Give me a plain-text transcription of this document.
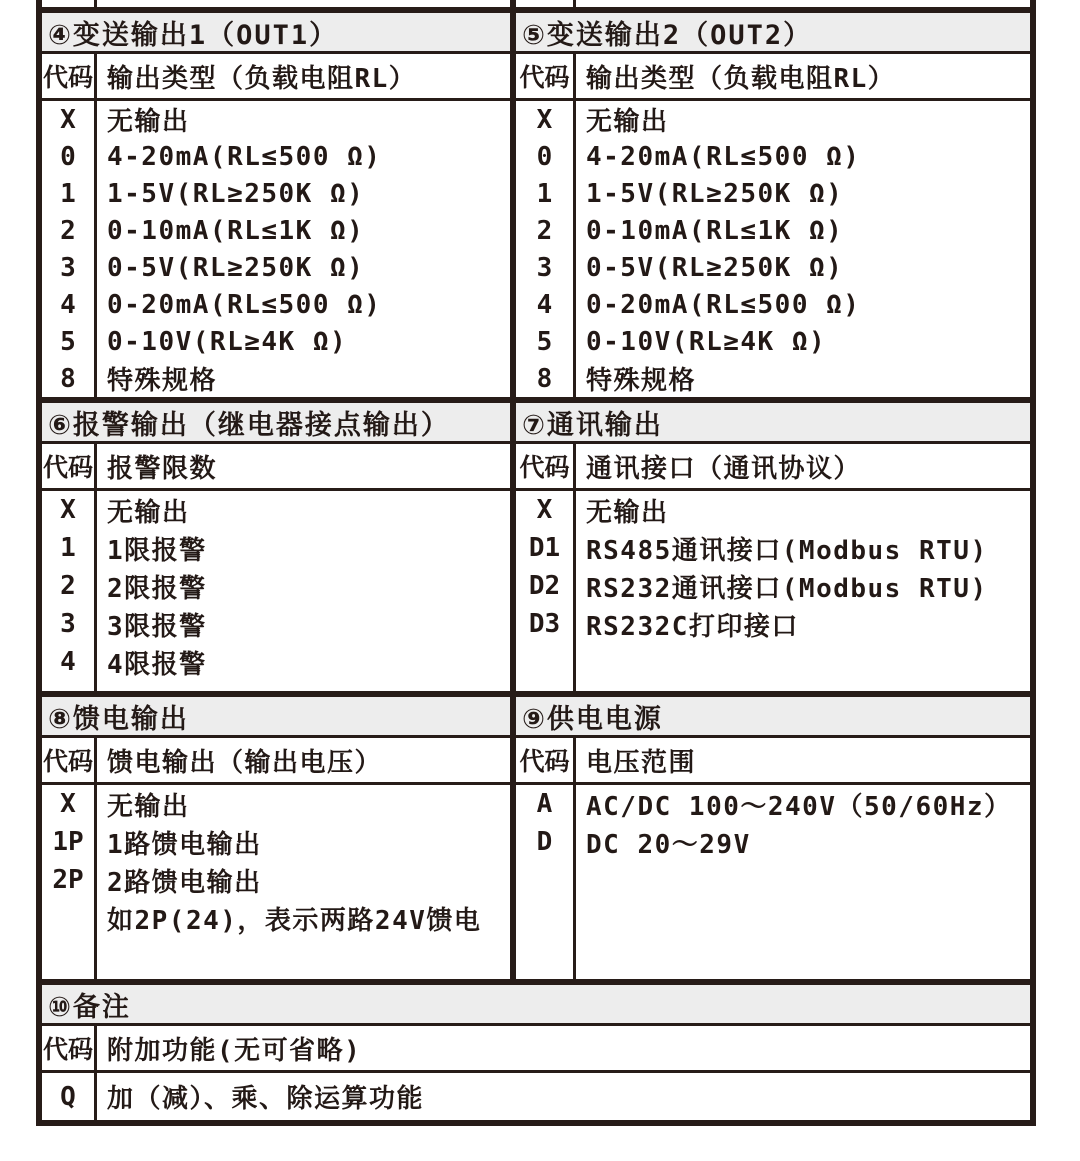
④变送输出1（OUT1）
代码 输出类型（负载电阻RL）
X	无输出
0	4-20mA(RL≤500 Ω)
1	1-5V(RL≥250K Ω)
2	0-10mA(RL≤1K Ω)
3	0-5V(RL≥250K Ω)
4	0-20mA(RL≤500 Ω)
5	0-10V(RL≥4K Ω)
8	特殊规格
⑤变送输出2（OUT2）
代码 输出类型（负载电阻RL）
X	无输出
0	4-20mA(RL≤500 Ω)
1	1-5V(RL≥250K Ω)
2	0-10mA(RL≤1K Ω)
3	0-5V(RL≥250K Ω)
4	0-20mA(RL≤500 Ω)
5	0-10V(RL≥4K Ω)
8	特殊规格
⑥报警输出（继电器接点输出）
代码 报警限数
X	无输出
1	1限报警
2	2限报警
3	3限报警
4	4限报警
⑦通讯输出
代码 通讯接口（通讯协议）
X	无输出
D1 RS485通讯接口(Modbus RTU)
D2 RS232通讯接口(Modbus RTU)
D3 RS232C打印接口
⑧馈电输出
代码 馈电输出（输出电压）
X	无输出
1P 1路馈电输出
2P 2路馈电输出
如2P(24)，表示两路24V馈电
⑨供电电源
代码 电压范围
A	AC/DC 100～240V（50/60Hz）
D	DC 20～29V
⑩备注
代码 附加功能(无可省略)
Q	加（减）、乘、除运算功能
